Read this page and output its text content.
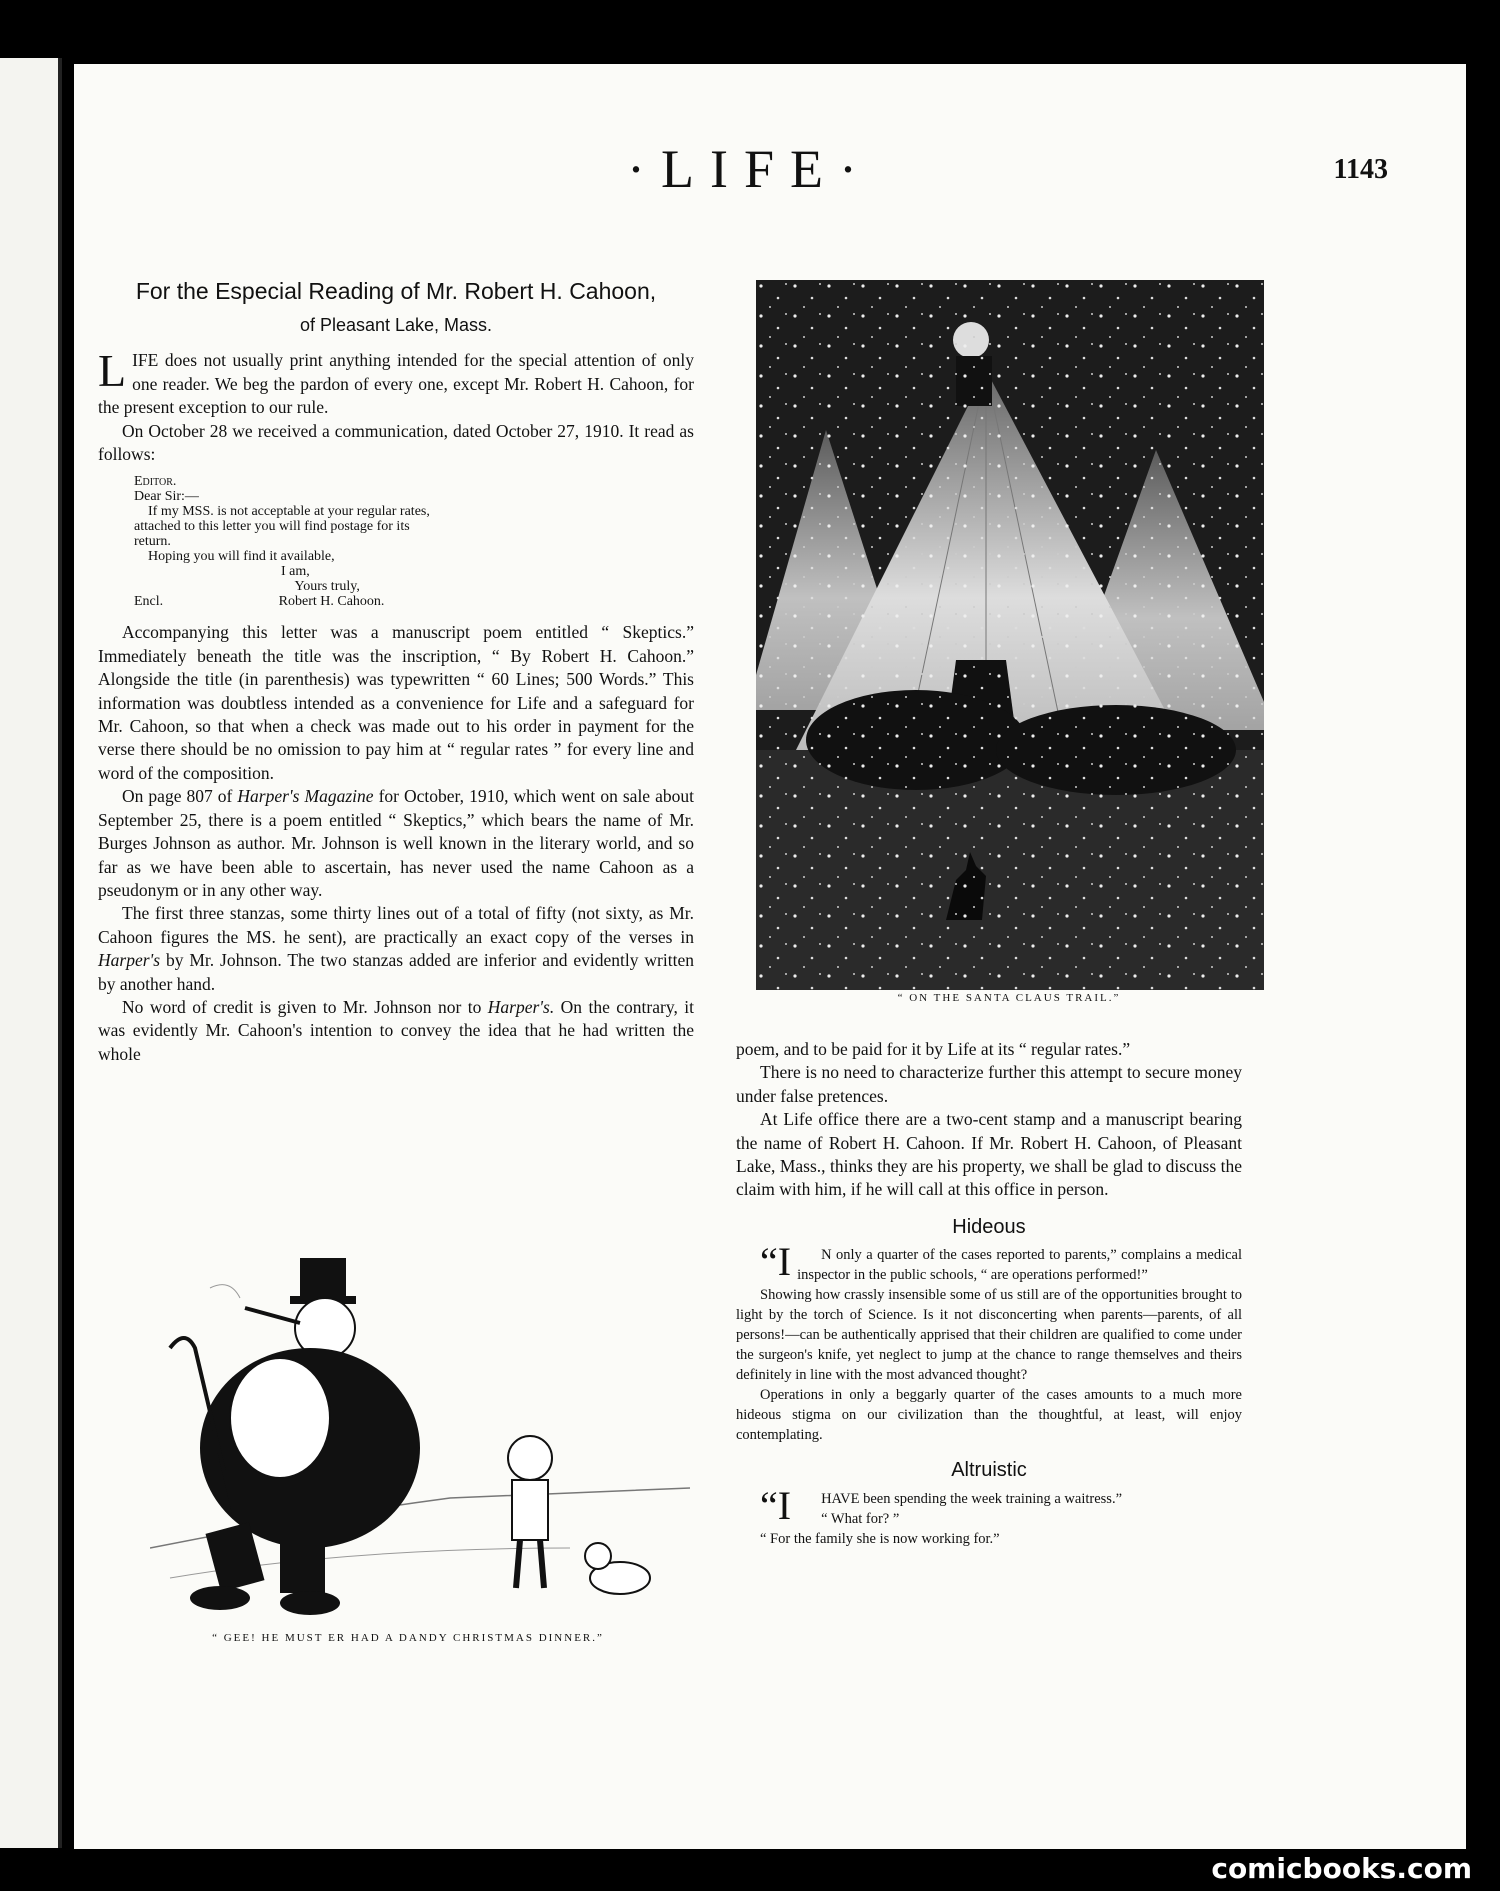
·LIFE·	1143
For the Especial Reading of Mr. Robert H. Cahoon,
of Pleasant Lake, Mass.

LIFE does not usually print anything intended for the special attention of only one reader. We beg the pardon of every one, except Mr. Robert H. Cahoon, for the present exception to our rule.

On October 28 we received a communication, dated October 27, 1910. It read as follows:

Editor.
Dear Sir:—
If my MSS. is not acceptable at your regular rates,
attached to this letter you will find postage for its
return.
Hoping you will find it available,
I am,
Yours truly,
Encl.                                 Robert H. Cahoon.

Accompanying this letter was a manuscript poem entitled “ Skeptics.” Immediately beneath the title was the inscription, “ By Robert H. Cahoon.” Alongside the title (in parenthesis) was typewritten “ 60 Lines; 500 Words.” This information was doubtless intended as a convenience for Life and a safeguard for Mr. Cahoon, so that when a check was made out to his order in payment for the verse there should be no omission to pay him at “ regular rates ” for every line and word of the composition.

On page 807 of Harper's Magazine for October, 1910, which went on sale about September 25, there is a poem entitled “ Skeptics,” which bears the name of Mr. Burges Johnson as author. Mr. Johnson is well known in the literary world, and so far as we have been able to ascertain, has never used the name Cahoon as a pseudonym or in any other way.

The first three stanzas, some thirty lines out of a total of fifty (not sixty, as Mr. Cahoon figures the MS. he sent), are practically an exact copy of the verses in Harper's by Mr. Johnson. The two stanzas added are inferior and evidently written by another hand.

No word of credit is given to Mr. Johnson nor to Harper's. On the contrary, it was evidently Mr. Cahoon's intention to convey the idea that he had written the whole

“ ON THE SANTA CLAUS TRAIL.”

poem, and to be paid for it by Life at its “ regular rates.”

There is no need to characterize further this attempt to secure money under false pretences.

At Life office there are a two-cent stamp and a manuscript bearing the name of Robert H. Cahoon. If Mr. Robert H. Cahoon, of Pleasant Lake, Mass., thinks they are his property, we shall be glad to discuss the claim with him, if he will call at this office in person.

Hideous

“I N only a quarter of the cases reported to parents,” complains a medical inspector in the public schools, “ are operations performed!”

Showing how crassly insensible some of us still are of the opportunities brought to light by the torch of Science. Is it not disconcerting when parents—parents, of all persons!—can be authentically apprised that their children are qualified to come under the surgeon's knife, yet neglect to jump at the chance to range themselves and theirs definitely in line with the most advanced thought?

Operations in only a beggarly quarter of the cases amounts to a much more hideous stigma on our civilization than the thoughtful, at least, will enjoy contemplating.

Altruistic

“I HAVE been spending the week training a waitress.”

“ What for? ”

“ For the family she is now working for.”

“ GEE! HE MUST ER HAD A DANDY CHRISTMAS DINNER.”
comicbooks.com
